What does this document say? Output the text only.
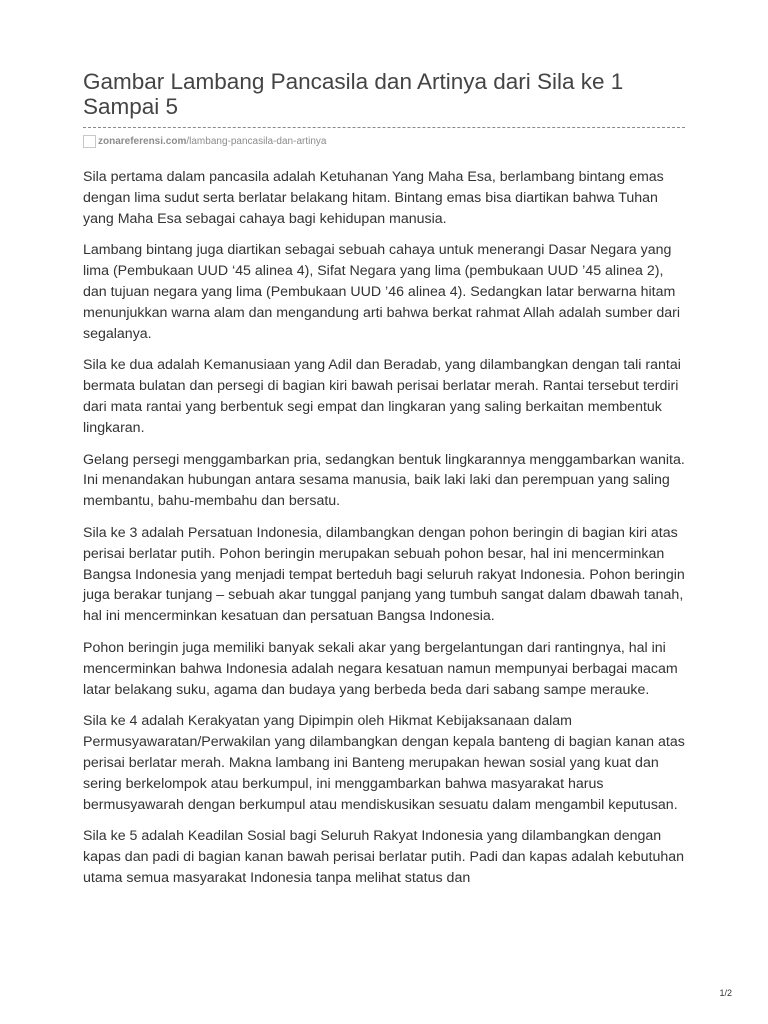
Gambar Lambang Pancasila dan Artinya dari Sila ke 1 Sampai 5
zonareferensi.com /lambang-pancasila-dan-artinya

Sila pertama dalam pancasila adalah Ketuhanan Yang Maha Esa, berlambang bintang emas dengan lima sudut serta berlatar belakang hitam. Bintang emas bisa diartikan bahwa Tuhan yang Maha Esa sebagai cahaya bagi kehidupan manusia.

Lambang bintang juga diartikan sebagai sebuah cahaya untuk menerangi Dasar Negara yang lima (Pembukaan UUD ‘45 alinea 4), Sifat Negara yang lima (pembukaan UUD ’45 alinea 2), dan tujuan negara yang lima (Pembukaan UUD ’46 alinea 4). Sedangkan latar berwarna hitam menunjukkan warna alam dan mengandung arti bahwa berkat rahmat Allah adalah sumber dari segalanya.

Sila ke dua adalah Kemanusiaan yang Adil dan Beradab, yang dilambangkan dengan tali rantai bermata bulatan dan persegi di bagian kiri bawah perisai berlatar merah. Rantai tersebut terdiri dari mata rantai yang berbentuk segi empat dan lingkaran yang saling berkaitan membentuk lingkaran.

Gelang persegi menggambarkan pria, sedangkan bentuk lingkarannya menggambarkan wanita. Ini menandakan hubungan antara sesama manusia, baik laki laki dan perempuan yang saling membantu, bahu-membahu dan bersatu.

Sila ke 3 adalah Persatuan Indonesia, dilambangkan dengan pohon beringin di bagian kiri atas perisai berlatar putih. Pohon beringin merupakan sebuah pohon besar, hal ini mencerminkan Bangsa Indonesia yang menjadi tempat berteduh bagi seluruh rakyat Indonesia. Pohon beringin juga berakar tunjang – sebuah akar tunggal panjang yang tumbuh sangat dalam dbawah tanah, hal ini mencerminkan kesatuan dan persatuan Bangsa Indonesia.

Pohon beringin juga memiliki banyak sekali akar yang bergelantungan dari rantingnya, hal ini mencerminkan bahwa Indonesia adalah negara kesatuan namun mempunyai berbagai macam latar belakang suku, agama dan budaya yang berbeda beda dari sabang sampe merauke.

Sila ke 4 adalah Kerakyatan yang Dipimpin oleh Hikmat Kebijaksanaan dalam Permusyawaratan/Perwakilan yang dilambangkan dengan kepala banteng di bagian kanan atas perisai berlatar merah. Makna lambang ini Banteng merupakan hewan sosial yang kuat dan sering berkelompok atau berkumpul, ini menggambarkan bahwa masyarakat harus bermusyawarah dengan berkumpul atau mendiskusikan sesuatu dalam mengambil keputusan.

Sila ke 5 adalah Keadilan Sosial bagi Seluruh Rakyat Indonesia yang dilambangkan dengan kapas dan padi di bagian kanan bawah perisai berlatar putih. Padi dan kapas adalah kebutuhan utama semua masyarakat Indonesia tanpa melihat status dan

1/2
